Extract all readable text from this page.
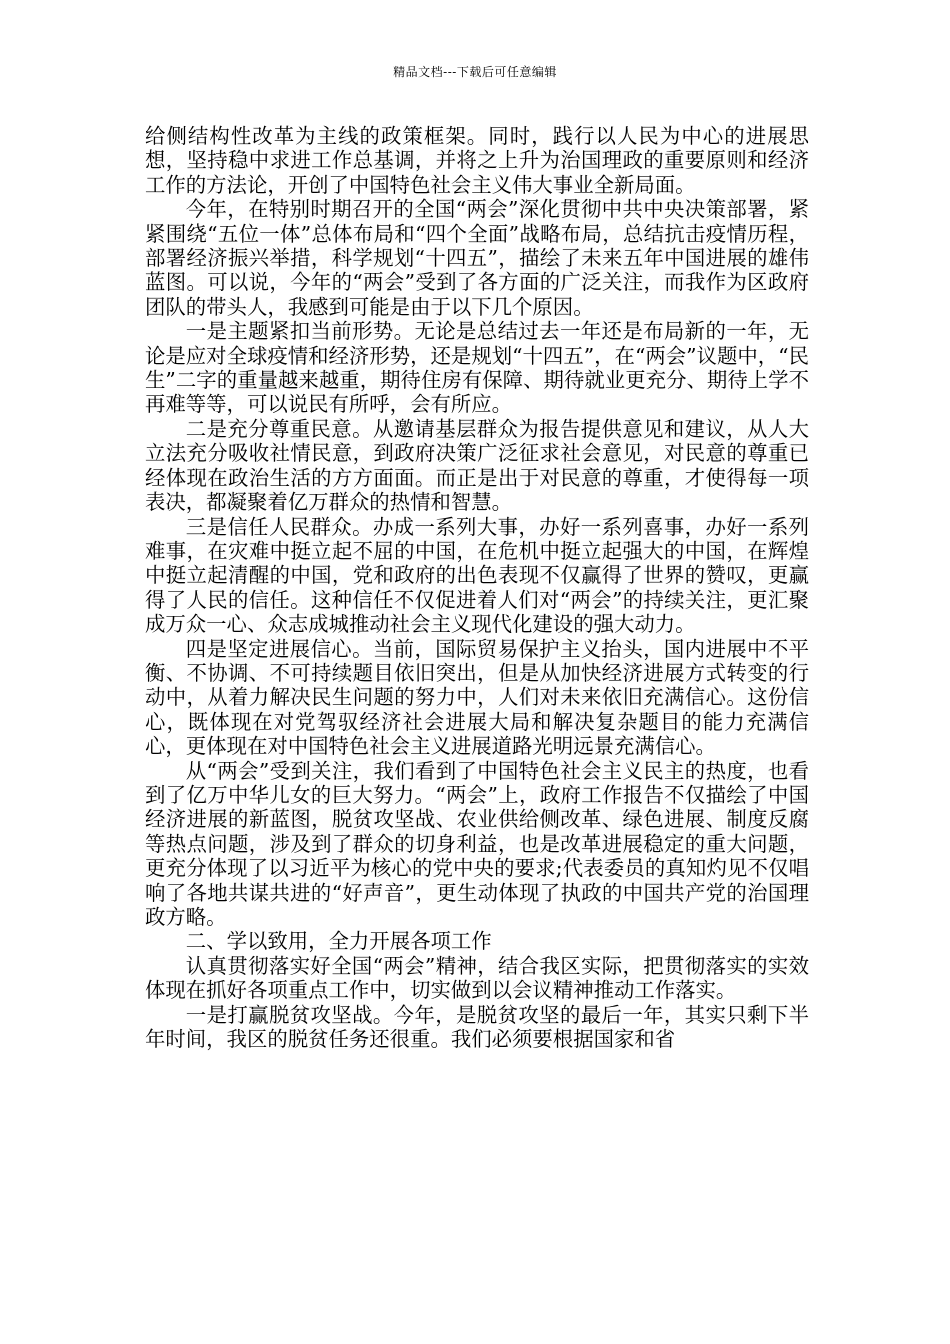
精品文档---下载后可任意编辑

给侧结构性改革为主线的政策框架。同时，践行以人民为中心的进展思想，坚持稳中求进工作总基调，并将之上升为治国理政的重要原则和经济工作的方法论，开创了中国特色社会主义伟大事业全新局面。

今年，在特别时期召开的全国“两会”深化贯彻中共中央决策部署，紧紧围绕“五位一体”总体布局和“四个全面”战略布局，总结抗击疫情历程，部署经济振兴举措，科学规划“十四五”，描绘了未来五年中国进展的雄伟蓝图。可以说，今年的“两会”受到了各方面的广泛关注，而我作为区政府团队的带头人，我感到可能是由于以下几个原因。

一是主题紧扣当前形势。无论是总结过去一年还是布局新的一年，无论是应对全球疫情和经济形势，还是规划“十四五”，在“两会”议题中，“民生”二字的重量越来越重，期待住房有保障、期待就业更充分、期待上学不再难等等，可以说民有所呼，会有所应。

二是充分尊重民意。从邀请基层群众为报告提供意见和建议，从人大立法充分吸收社情民意，到政府决策广泛征求社会意见，对民意的尊重已经体现在政治生活的方方面面。而正是出于对民意的尊重，才使得每一项表决，都凝聚着亿万群众的热情和智慧。

三是信任人民群众。办成一系列大事，办好一系列喜事，办好一系列难事，在灾难中挺立起不屈的中国，在危机中挺立起强大的中国，在辉煌中挺立起清醒的中国，党和政府的出色表现不仅赢得了世界的赞叹，更赢得了人民的信任。这种信任不仅促进着人们对“两会”的持续关注，更汇聚成万众一心、众志成城推动社会主义现代化建设的强大动力。

四是坚定进展信心。当前，国际贸易保护主义抬头，国内进展中不平衡、不协调、不可持续题目依旧突出，但是从加快经济进展方式转变的行动中，从着力解决民生问题的努力中，人们对未来依旧充满信心。这份信心，既体现在对党驾驭经济社会进展大局和解决复杂题目的能力充满信心，更体现在对中国特色社会主义进展道路光明远景充满信心。

从“两会”受到关注，我们看到了中国特色社会主义民主的热度，也看到了亿万中华儿女的巨大努力。“两会”上，政府工作报告不仅描绘了中国经济进展的新蓝图，脱贫攻坚战、农业供给侧改革、绿色进展、制度反腐等热点问题，涉及到了群众的切身利益，也是改革进展稳定的重大问题，更充分体现了以习近平为核心的党中央的要求;代表委员的真知灼见不仅唱响了各地共谋共进的“好声音”，更生动体现了执政的中国共产党的治国理政方略。

二、学以致用，全力开展各项工作

认真贯彻落实好全国“两会”精神，结合我区实际，把贯彻落实的实效体现在抓好各项重点工作中，切实做到以会议精神推动工作落实。

一是打赢脱贫攻坚战。今年，是脱贫攻坚的最后一年，其实只剩下半年时间，我区的脱贫任务还很重。我们必须要根据国家和省
